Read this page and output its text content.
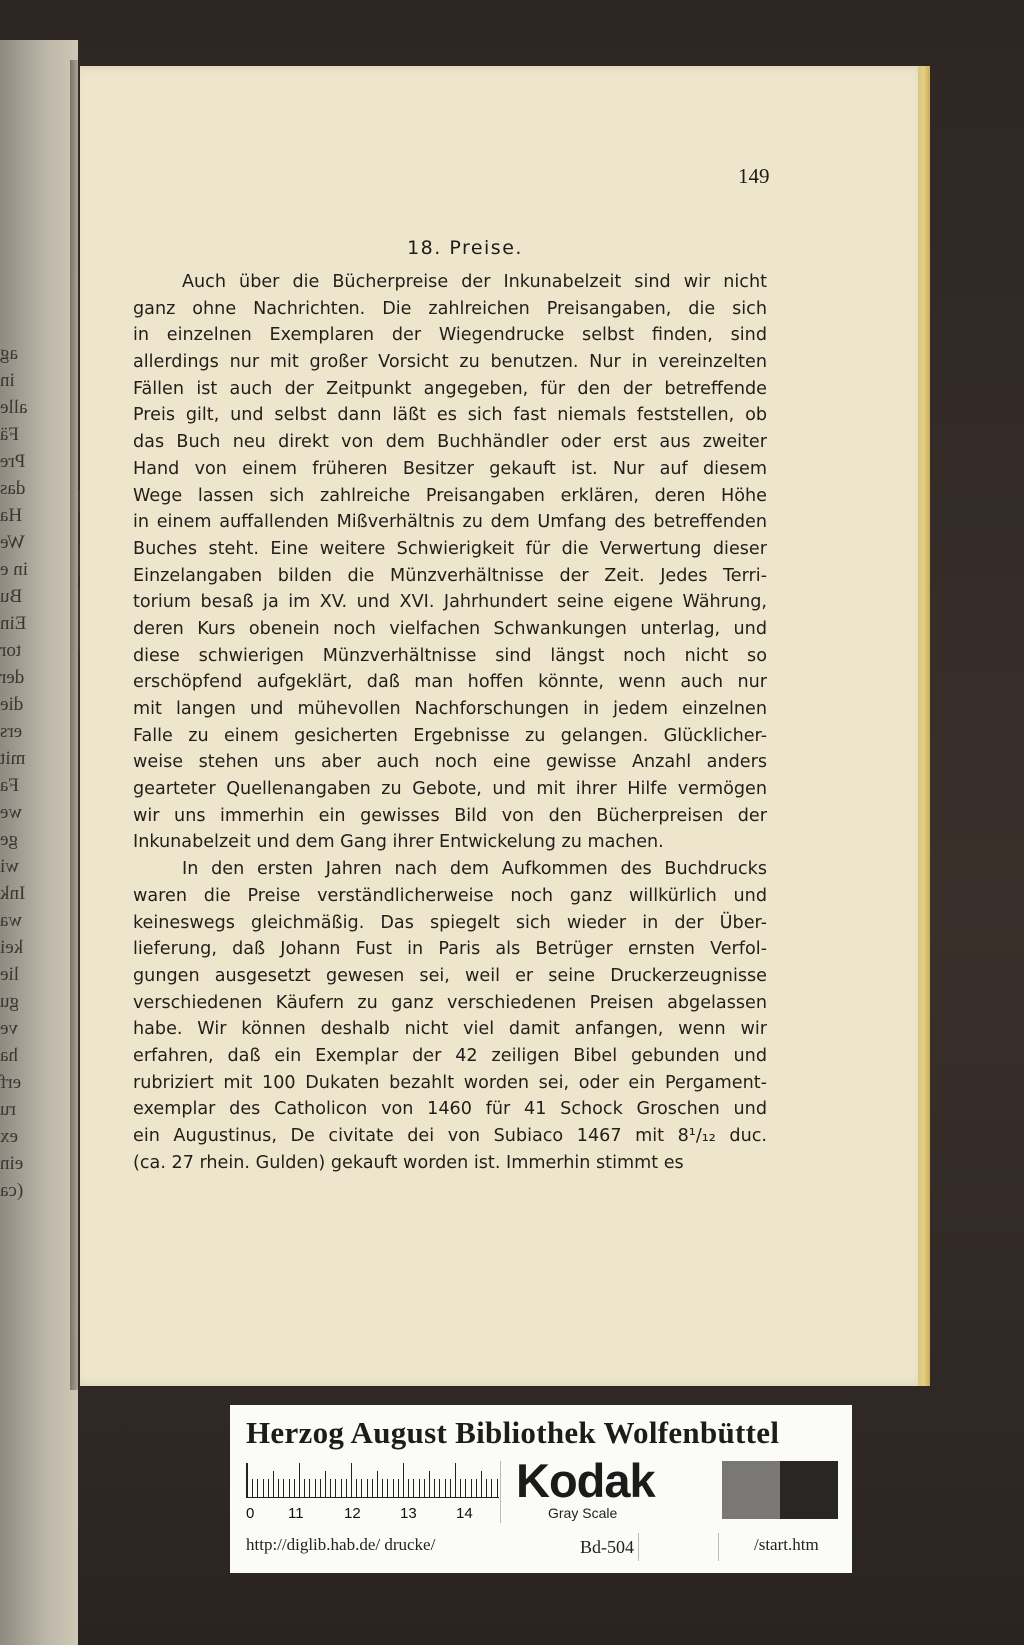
ag
in
alle
Fä
Pre
das
Ha
We
in e
Bu
Ein
tor
der
die
ers
mit
Fa
we
ge
wi
Ink
wa
kei
lie
gu
ve
ha
erf
ru
ex
ein
(ca
149
18. Preise.
Auch über die Bücherpreise der Inkunabelzeit sind wir nicht
ganz ohne Nachrichten. Die zahlreichen Preisangaben, die sich
in einzelnen Exemplaren der Wiegendrucke selbst finden, sind
allerdings nur mit großer Vorsicht zu benutzen. Nur in vereinzelten
Fällen ist auch der Zeitpunkt angegeben, für den der betreffende
Preis gilt, und selbst dann läßt es sich fast niemals feststellen, ob
das Buch neu direkt von dem Buchhändler oder erst aus zweiter
Hand von einem früheren Besitzer gekauft ist. Nur auf diesem
Wege lassen sich zahlreiche Preisangaben erklären, deren Höhe
in einem auffallenden Mißverhältnis zu dem Umfang des betreffenden
Buches steht. Eine weitere Schwierigkeit für die Verwertung dieser
Einzelangaben bilden die Münzverhältnisse der Zeit. Jedes Terri-
torium besaß ja im XV. und XVI. Jahrhundert seine eigene Währung,
deren Kurs obenein noch vielfachen Schwankungen unterlag, und
diese schwierigen Münzverhältnisse sind längst noch nicht so
erschöpfend aufgeklärt, daß man hoffen könnte, wenn auch nur
mit langen und mühevollen Nachforschungen in jedem einzelnen
Falle zu einem gesicherten Ergebnisse zu gelangen. Glücklicher-
weise stehen uns aber auch noch eine gewisse Anzahl anders
gearteter Quellenangaben zu Gebote, und mit ihrer Hilfe vermögen
wir uns immerhin ein gewisses Bild von den Bücherpreisen der
Inkunabelzeit und dem Gang ihrer Entwickelung zu machen.
In den ersten Jahren nach dem Aufkommen des Buchdrucks
waren die Preise verständlicherweise noch ganz willkürlich und
keineswegs gleichmäßig. Das spiegelt sich wieder in der Über-
lieferung, daß Johann Fust in Paris als Betrüger ernsten Verfol-
gungen ausgesetzt gewesen sei, weil er seine Druckerzeugnisse
verschiedenen Käufern zu ganz verschiedenen Preisen abgelassen
habe. Wir können deshalb nicht viel damit anfangen, wenn wir
erfahren, daß ein Exemplar der 42 zeiligen Bibel gebunden und
rubriziert mit 100 Dukaten bezahlt worden sei, oder ein Pergament-
exemplar des Catholicon von 1460 für 41 Schock Groschen und
ein Augustinus, De civitate dei von Subiaco 1467 mit 8¹/₁₂ duc.
(ca. 27 rhein. Gulden) gekauft worden ist. Immerhin stimmt es
Herzog August Bibliothek Wolfenbüttel
0 11	12	13	14
Kodak
Gray Scale
http://diglib.hab.de/ drucke/	Bd-504	/start.htm
